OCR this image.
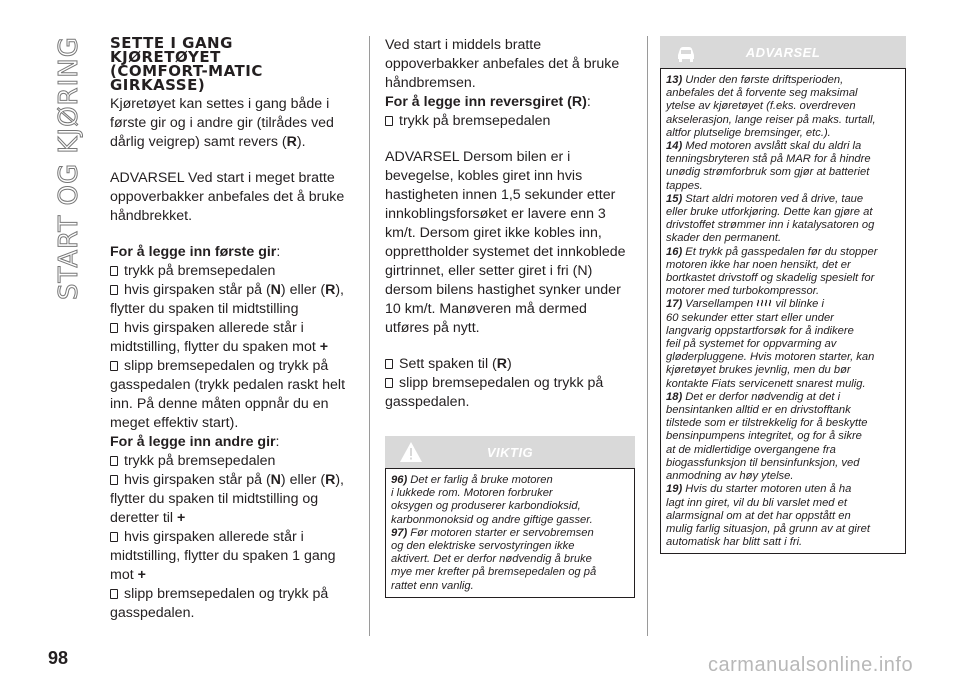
START OG KJØRING SETTE I GANG

KJØRETØYET

(COMFORT-MATIC

GIRKASSE)

Kjøretøyet kan settes i gang både i

første gir og i andre gir (tilrådes ved

dårlig veigrep) samt revers (R).

ADVARSEL Ved start i meget bratte

oppoverbakker anbefales det å bruke

håndbrekket.

For å legge inn første gir:

trykk på bremsepedalen

hvis girspaken står på (N) eller (R),

flytter du spaken til midtstilling

hvis girspaken allerede står i

midtstilling, flytter du spaken mot +

slipp bremsepedalen og trykk på

gasspedalen (trykk pedalen raskt helt

inn. På denne måten oppnår du en

meget effektiv start).

For å legge inn andre gir:

trykk på bremsepedalen

hvis girspaken står på (N) eller (R),

flytter du spaken til midtstilling og

deretter til +

hvis girspaken allerede står i

midtstilling, flytter du spaken 1 gang

mot +

slipp bremsepedalen og trykk på

gasspedalen.

Ved start i middels bratte

oppoverbakker anbefales det å bruke

håndbremsen.

For å legge inn reversgiret (R):

trykk på bremsepedalen

ADVARSEL Dersom bilen er i

bevegelse, kobles giret inn hvis

hastigheten innen 1,5 sekunder etter

innkoblingsforsøket er lavere enn 3

km/t. Dersom giret ikke kobles inn,

opprettholder systemet det innkoblede

girtrinnet, eller setter giret i fri (N)

dersom bilens hastighet synker under

10 km/t. Manøveren må dermed

utføres på nytt.

Sett spaken til (R)

slipp bremsepedalen og trykk på

gasspedalen.

VIKTIG

96) Det er farlig å bruke motoren

i lukkede rom. Motoren forbruker

oksygen og produserer karbondioksid,

karbonmonoksid og andre giftige gasser.

97) Før motoren starter er servobremsen

og den elektriske servostyringen ikke

aktivert. Det er derfor nødvendig å bruke

mye mer krefter på bremsepedalen og på

rattet enn vanlig.

ADVARSEL

13) Under den første driftsperioden,

anbefales det å forvente seg maksimal

ytelse av kjøretøyet (f.eks. overdreven

akselerasjon, lange reiser på maks. turtall,

altfor plutselige bremsinger, etc.).

14) Med motoren avslått skal du aldri la

tenningsbryteren stå på MAR for å hindre

unødig strømforbruk som gjør at batteriet

tappes.

15) Start aldri motoren ved å drive, taue

eller bruke utforkjøring. Dette kan gjøre at

drivstoffet strømmer inn i katalysatoren og

skader den permanent.

16) Et trykk på gasspedalen før du stopper

motoren ikke har noen hensikt, det er

bortkastet drivstoff og skadelig spesielt for

motorer med turbokompressor.

17) Varsellampen  vil blinke i

60 sekunder etter start eller under

langvarig oppstartforsøk for å indikere

feil på systemet for oppvarming av

gløderpluggene. Hvis motoren starter, kan

kjøretøyet brukes jevnlig, men du bør

kontakte Fiats servicenett snarest mulig.

18) Det er derfor nødvendig at det i

bensintanken alltid er en drivstofftank

tilstede som er tilstrekkelig for å beskytte

bensinpumpens integritet, og for å sikre

at de midlertidige overgangene fra

biogassfunksjon til bensinfunksjon, ved

anmodning av høy ytelse.

19) Hvis du starter motoren uten å ha

lagt inn giret, vil du bli varslet med et

alarmsignal om at det har oppstått en

mulig farlig situasjon, på grunn av at giret

automatisk har blitt satt i fri.

98	carmanualsonline.info
